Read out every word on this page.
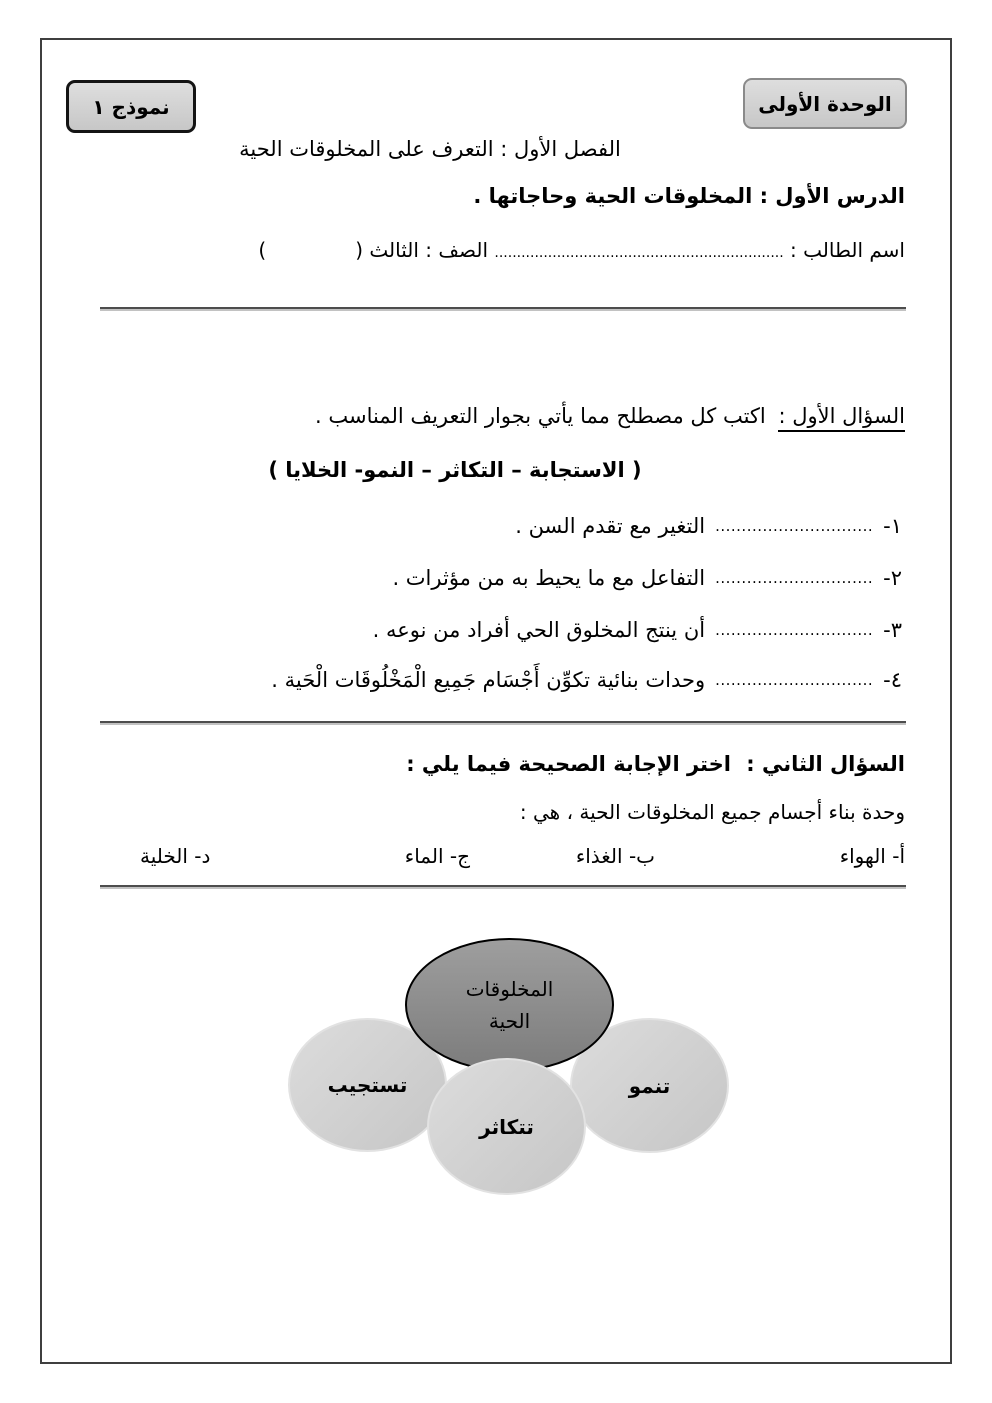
الوحدة الأولى
نموذج ١
الفصل الأول : التعرف على المخلوقات الحية
الدرس الأول : المخلوقات الحية وحاجاتها .
اسم الطالب : ................................................................. الصف : الثالث (              )
السؤال الأول : اكتب كل مصطلح مما يأتي بجوار التعريف المناسب .
( الاستجابة – التكاثر – النمو- الخلايا )
١-
..............................
التغير مع تقدم السن .
٢-
..............................
التفاعل مع ما يحيط به من مؤثرات .
٣-
..............................
أن ينتج المخلوق الحي أفراد من نوعه .
٤-
..............................
وحدات بنائية تكوِّن أَجْسَام جَمِيع الْمَخْلُوقَات الْحَية .
السؤال الثاني : اختر الإجابة الصحيحة فيما يلي :
وحدة بناء أجسام جميع المخلوقات الحية ، هي :
أ- الهواء
ب- الغذاء
ج- الماء
د- الخلية
المخلوقات
الحية
تستجيب
تتكاثر
تنمو
